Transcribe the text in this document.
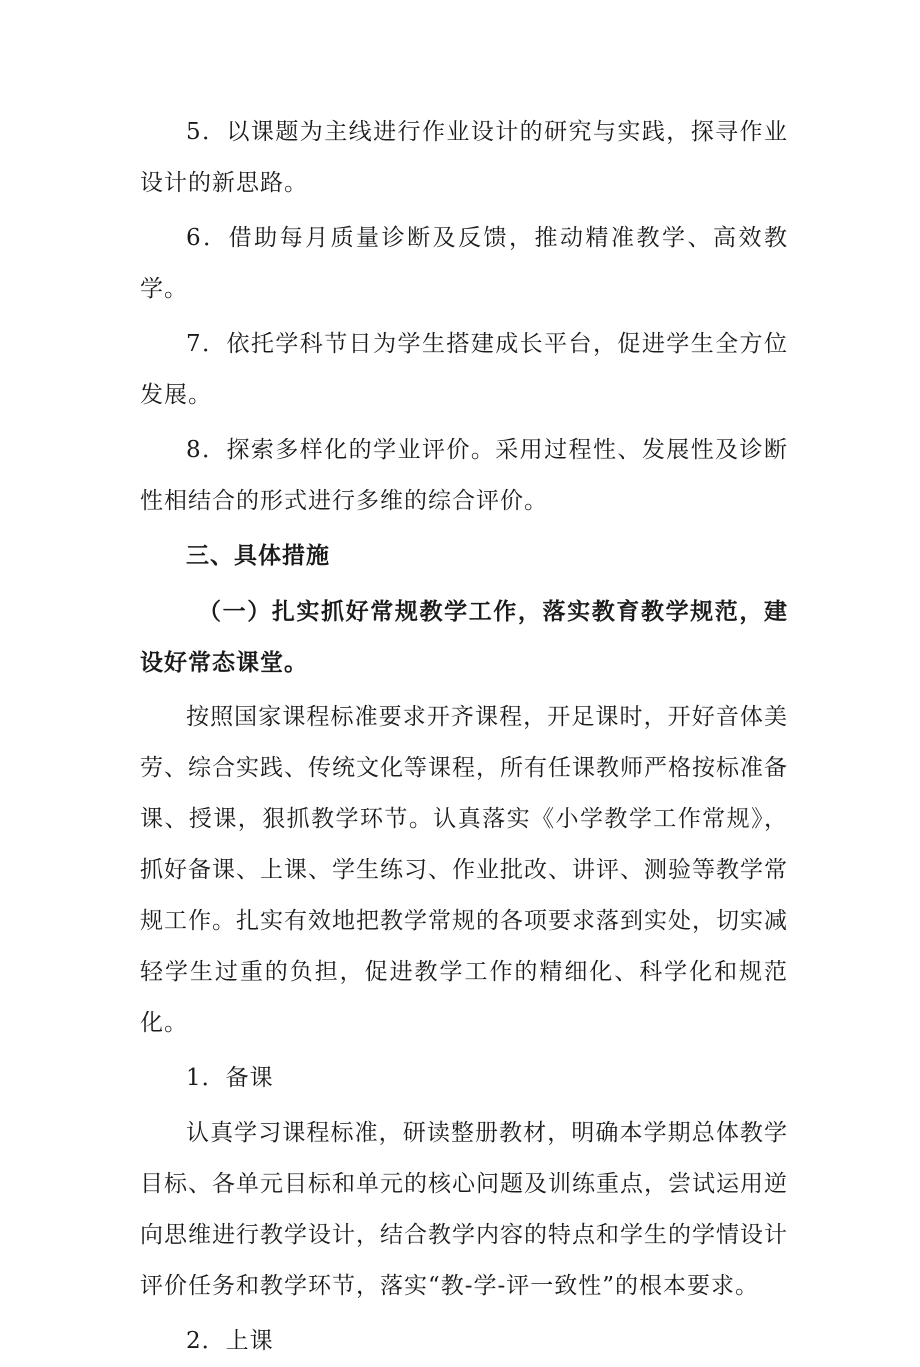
5．以课题为主线进行作业设计的研究与实践，探寻作业设计的新思路。

6．借助每月质量诊断及反馈，推动精准教学、高效教学。

7．依托学科节日为学生搭建成长平台，促进学生全方位发展。

8．探索多样化的学业评价。采用过程性、发展性及诊断性相结合的形式进行多维的综合评价。

三、具体措施

（一）扎实抓好常规教学工作，落实教育教学规范，建设好常态课堂。

按照国家课程标准要求开齐课程，开足课时，开好音体美劳、综合实践、传统文化等课程，所有任课教师严格按标准备课、授课，狠抓教学环节。认真落实《小学教学工作常规》，抓好备课、上课、学生练习、作业批改、讲评、测验等教学常规工作。扎实有效地把教学常规的各项要求落到实处，切实减轻学生过重的负担，促进教学工作的精细化、科学化和规范化。

1．备课

认真学习课程标准，研读整册教材，明确本学期总体教学目标、各单元目标和单元的核心问题及训练重点，尝试运用逆向思维进行教学设计，结合教学内容的特点和学生的学情设计评价任务和教学环节，落实“教-学-评一致性”的根本要求。

2．上课
